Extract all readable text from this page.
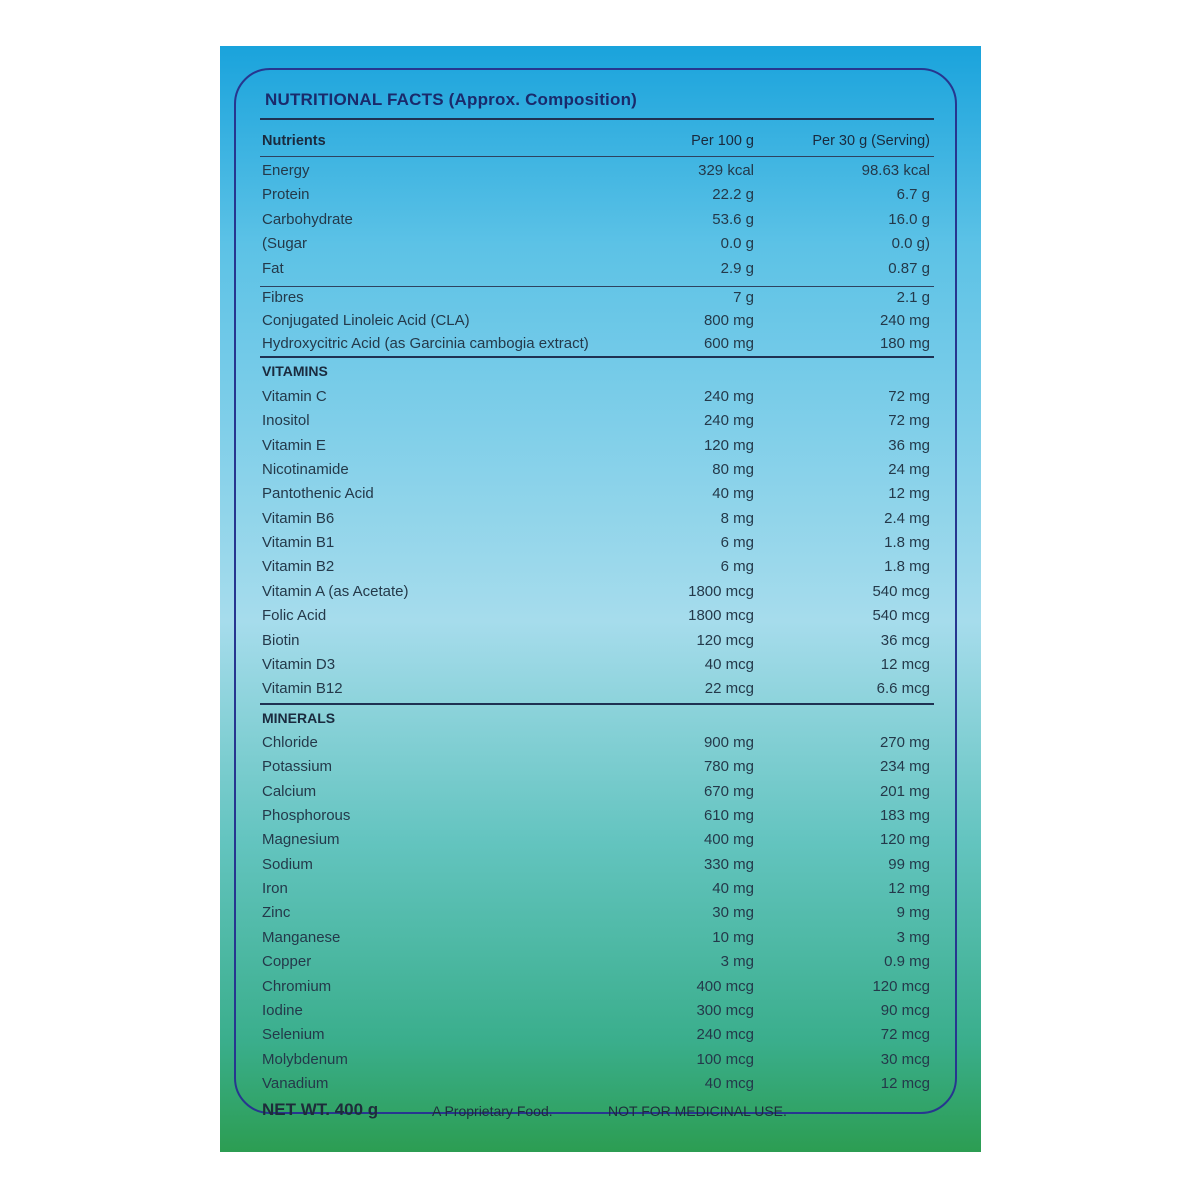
NUTRITIONAL FACTS (Approx. Composition)
Nutrients	Per 100 g	Per 30 g (Serving)
VITAMINS
MINERALS
Energy	329 kcal	98.63 kcal
Protein	22.2 g	6.7 g
Carbohydrate	53.6 g	16.0 g
(Sugar	0.0 g	0.0 g)
Fat	2.9 g	0.87 g
Fibres	7 g	2.1 g
Conjugated Linoleic Acid (CLA)	800 mg	240 mg
Hydroxycitric Acid (as Garcinia cambogia extract)	600 mg	180 mg
Vitamin C	240 mg	72 mg
Inositol	240 mg	72 mg
Vitamin E	120 mg	36 mg
Nicotinamide	80 mg	24 mg
Pantothenic Acid	40 mg	12 mg
Vitamin B6	8 mg	2.4 mg
Vitamin B1	6 mg	1.8 mg
Vitamin B2	6 mg	1.8 mg
Vitamin A (as Acetate)	1800 mcg	540 mcg
Folic Acid	1800 mcg	540 mcg
Biotin	120 mcg	36 mcg
Vitamin D3	40 mcg	12 mcg
Vitamin B12	22 mcg	6.6 mcg
Chloride	900 mg	270 mg
Potassium	780 mg	234 mg
Calcium	670 mg	201 mg
Phosphorous	610 mg	183 mg
Magnesium	400 mg	120 mg
Sodium	330 mg	99 mg
Iron	40 mg	12 mg
Zinc	30 mg	9 mg
Manganese	10 mg	3 mg
Copper	3 mg	0.9 mg
Chromium	400 mcg	120 mcg
Iodine	300 mcg	90 mcg
Selenium	240 mcg	72 mcg
Molybdenum	100 mcg	30 mcg
Vanadium	40 mcg	12 mcg
NET WT. 400 g	A Proprietary Food.	NOT FOR MEDICINAL USE.
